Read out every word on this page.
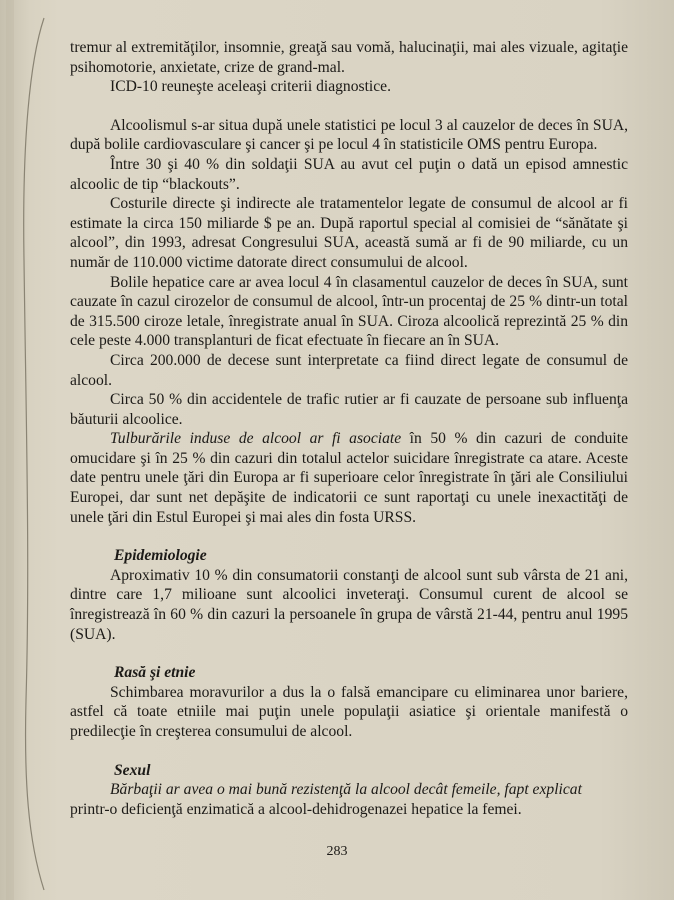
tremur al extremităţilor, insomnie, greaţă sau vomă, halucinaţii, mai ales vizuale, agitaţie psihomotorie, anxietate, crize de grand-mal.

ICD-10 reuneşte aceleaşi criterii diagnostice.

Alcoolismul s-ar situa după unele statistici pe locul 3 al cauzelor de deces în SUA, după bolile cardiovasculare şi cancer şi pe locul 4 în statisticile OMS pentru Europa.

Între 30 şi 40 % din soldaţii SUA au avut cel puţin o dată un episod amnestic alcoolic de tip “blackouts”.

Costurile directe şi indirecte ale tratamentelor legate de consumul de alcool ar fi estimate la circa 150 miliarde $ pe an. După raportul special al comisiei de “sănătate şi alcool”, din 1993, adresat Congresului SUA, această sumă ar fi de 90 miliarde, cu un număr de 110.000 victime datorate direct consumului de alcool.

Bolile hepatice care ar avea locul 4 în clasamentul cauzelor de deces în SUA, sunt cauzate în cazul cirozelor de consumul de alcool, într-un procentaj de 25 % dintr-un total de 315.500 ciroze letale, înregistrate anual în SUA. Ciroza alcoolică reprezintă 25 % din cele peste 4.000 transplanturi de ficat efectuate în fiecare an în SUA.

Circa 200.000 de decese sunt interpretate ca fiind direct legate de consumul de alcool.

Circa 50 % din accidentele de trafic rutier ar fi cauzate de persoane sub influenţa băuturii alcoolice.

Tulburările induse de alcool ar fi asociate în 50 % din cazuri de conduite omucidare şi în 25 % din cazuri din totalul actelor suicidare înregistrate ca atare. Aceste date pentru unele ţări din Europa ar fi superioare celor înregistrate în ţări ale Consiliului Europei, dar sunt net depăşite de indicatorii ce sunt raportaţi cu unele inexactităţi de unele ţări din Estul Europei şi mai ales din fosta URSS.

Epidemiologie

Aproximativ 10 % din consumatorii constanţi de alcool sunt sub vârsta de 21 ani, dintre care 1,7 milioane sunt alcoolici inveteraţi. Consumul curent de alcool se înregistrează în 60 % din cazuri la persoanele în grupa de vârstă 21-44, pentru anul 1995 (SUA).

Rasă şi etnie

Schimbarea moravurilor a dus la o falsă emancipare cu eliminarea unor bariere, astfel că toate etniile mai puţin unele populaţii asiatice şi orientale manifestă o predilecţie în creşterea consumului de alcool.

Sexul

Bărbaţii ar avea o mai bună rezistenţă la alcool decât femeile, fapt explicat

printr-o deficienţă enzimatică a alcool-dehidrogenazei hepatice la femei.

283
